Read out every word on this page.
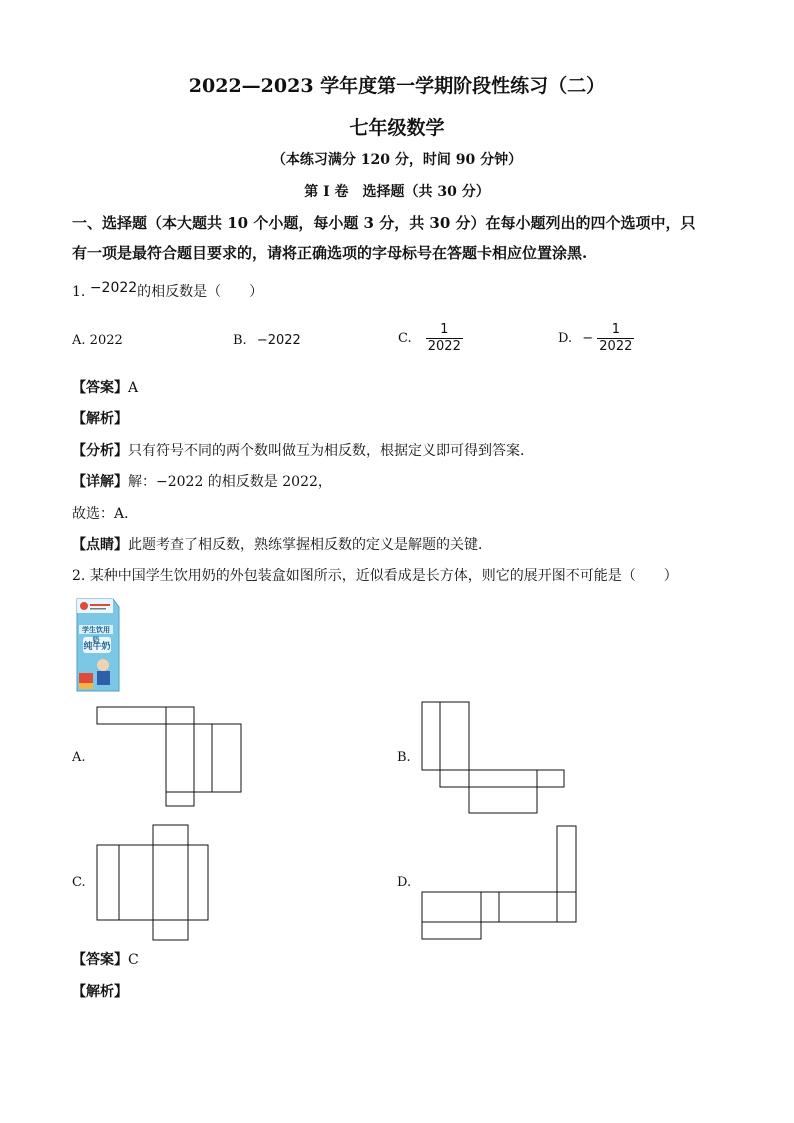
2022—2023 学年度第一学期阶段性练习（二）
七年级数学
（本练习满分 120 分，时间 90 分钟）
第 I 卷　选择题（共 30 分）
一、选择题（本大题共 10 个小题，每小题 3 分，共 30 分）在每小题列出的四个选项中，只
有一项是最符合题目要求的，请将正确选项的字母标号在答题卡相应位置涂黑.
1. −2022的相反数是（　　）
A. 2022	B. −2022	C. $\frac{1}{2022}$	D. − $\frac{1}{2022}$
【答案】A
【解析】
【分析】只有符号不同的两个数叫做互为相反数，根据定义即可得到答案．
【详解】解：−2022 的相反数是 2022，
故选：A．
【点睛】此题考查了相反数，熟练掌握相反数的定义是解题的关键．
2. 某种中国学生饮用奶的外包装盒如图所示，近似看成是长方体，则它的展开图不可能是（　　）
学生饮用奶
纯牛奶
A.	B.
C.	D.
【答案】C
【解析】
